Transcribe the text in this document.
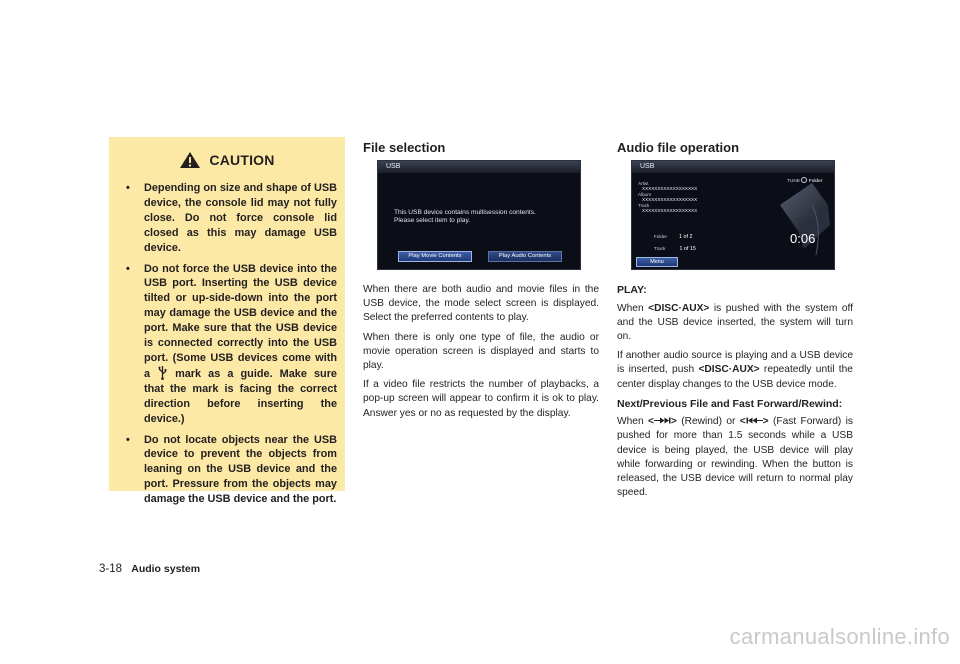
CAUTION
• Depending on size and shape of USB device, the console lid may not fully close. Do not force console lid closed as this may damage USB device.
• Do not force the USB device into the USB port. Inserting the USB device tilted or up-side-down into the port may damage the USB device and the port. Make sure that the USB device is connected correctly into the USB port. (Some USB devices come with a mark as a guide. Make sure that the mark is facing the correct direction before inserting the device.)
• Do not locate objects near the USB device to prevent the objects from leaning on the USB device and the port. Pressure from the objects may damage the USB device and the port.
File selection
USB
This USB device contains multisession contents.
Please select item to play.
Play Movie Contents	Play Audio Contents

When there are both audio and movie files in the USB device, the mode select screen is displayed. Select the preferred contents to play.

When there is only one type of file, the audio or movie operation screen is displayed and starts to play.

If a video file restricts the number of playbacks, a pop-up screen will appear to confirm it is ok to play. Answer yes or no as requested by the display.

Audio file operation
USB
Artist
XXXXXXXXXXXXXXXXXX
Album
XXXXXXXXXXXXXXXXXX
Track
XXXXXXXXXXXXXXXXXX
TUNE Folder
Folder 1 of 2
Track	1 of 15
0:06
Menu

PLAY:

When <DISC·AUX> is pushed with the system off and the USB device inserted, the system will turn on.

If another audio source is playing and a USB device is inserted, push <DISC·AUX> repeatedly until the center display changes to the USB device mode.

Next/Previous File and Fast Forward/Rewind:

When < > (Rewind) or < > (Fast Forward) is pushed for more than 1.5 seconds while a USB device is being played, the USB device will play while forwarding or rewinding. When the button is released, the USB device will return to normal play speed.

3-18 Audio system
carmanualsonline.info
